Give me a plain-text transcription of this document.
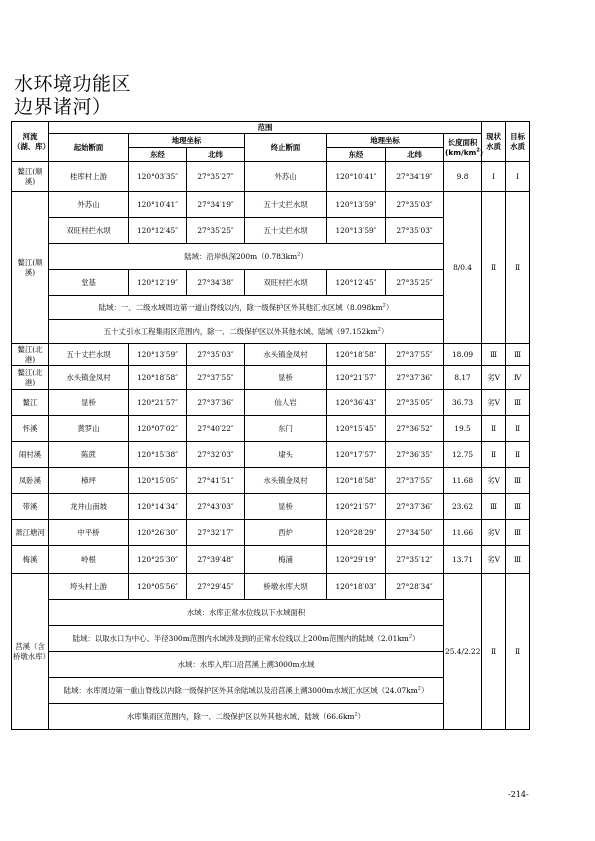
水环境功能区
边界诸河）
河流（湖、库）	范围							现状水质	目标水质
	起始断面	地理坐标		终止断面	地理坐标		长度面积
$(km/km^2)$		
		东经	北纬		东经	北纬			
鳌江(顺溪)	桂库村上游	120°03′35″	27°35′27″	外苏山	120°10′41″	27°34′19″	9.8	Ⅰ	Ⅰ
鳌江(顺溪)	外苏山	120°10′41″	27°34′19″	五十丈拦水坝	120°13′59″	27°35′03″	8/0.4	Ⅱ	Ⅱ
	双旺村拦水坝	120°12′45″	27°35′25″	五十丈拦水坝	120°13′59″	27°35′03″			
	陆域：沿岸纵深$200m(0.783km^2)$								
	堂基	120°12′19″	27°34′38″	双旺村拦水坝	120°12′45″	27°35′25″			
	陆域：一、二级水域周边第一道山脊线以内，除一级保护区外其他汇水区域$(8.098km^2)$								
	五十丈引水工程集雨区范围内，除一、二级保护区以外其他水域、陆域$(97.152km^2)$								

鳌江(北港)	五十丈拦水坝	120°13′59″	27°35′03″	水头镇金凤村	120°18′58″	27°37′55″	18.09	Ⅲ	Ⅲ
鳌江(北港)	水头镇金凤村	120°18′58″	27°37′55″	显桥	120°21′57″	27°37′36″	8.17	劣Ⅴ	Ⅳ
鳌江	显桥	120°21′57″	27°37′36″	仙人岩	120°36′43″	27°35′05″	36.73	劣Ⅴ	Ⅲ
怀溪	黄罗山	120°07′02″	27°40′22″	东门	120°15′45″	27°36′52″	19.5	Ⅱ	Ⅱ
闹村溪	陈蔗	120°15′38″	27°32′03″	埭头	120°17′57″	27°36′35″	12.75	Ⅱ	Ⅱ
凤卧溪	樟坪	120°15′05″	27°41′51″	水头镇金凤村	120°18′58″	27°37′55″	11.68	劣Ⅴ	Ⅲ
带溪	龙井山南坡	120°14′34″	27°43′03″	显桥	120°21′57″	27°37′36″	23.62	Ⅲ	Ⅲ
萧江塘河	中平桥	120°26′30″	27°32′17″	西炉	120°28′29″	27°34′50″	11.66	劣Ⅴ	Ⅲ
梅溪	岭根	120°25′30″	27°39′48″	梅浦	120°29′19″	27°35′12″	13.71	劣Ⅴ	Ⅲ
莒溪（含桥墩水库）	垮头村上游	120°05′56″	27°29′45″	桥墩水库大坝	120°18′03″	27°28′34″	25.4/2.22	Ⅱ	Ⅱ
	水域：水库正常水位线以下水域面积								
	陆域：以取水口为中心、半径300m范围内水域涉及到的正常水位线以上200m范围内的陆域$(2.01km^2)$								
	水域：水库入库口沿莒溪上溯3000m水域								
	陆域：水库周边第一重山脊线以内除一级保护区外其余陆域以及沿莒溪上溯3000m水域汇水区域$(24.07km^2)$								
	水库集雨区范围内，除一、二级保护区以外其他水域、陆域$(66.6km^2)$								
-214-
